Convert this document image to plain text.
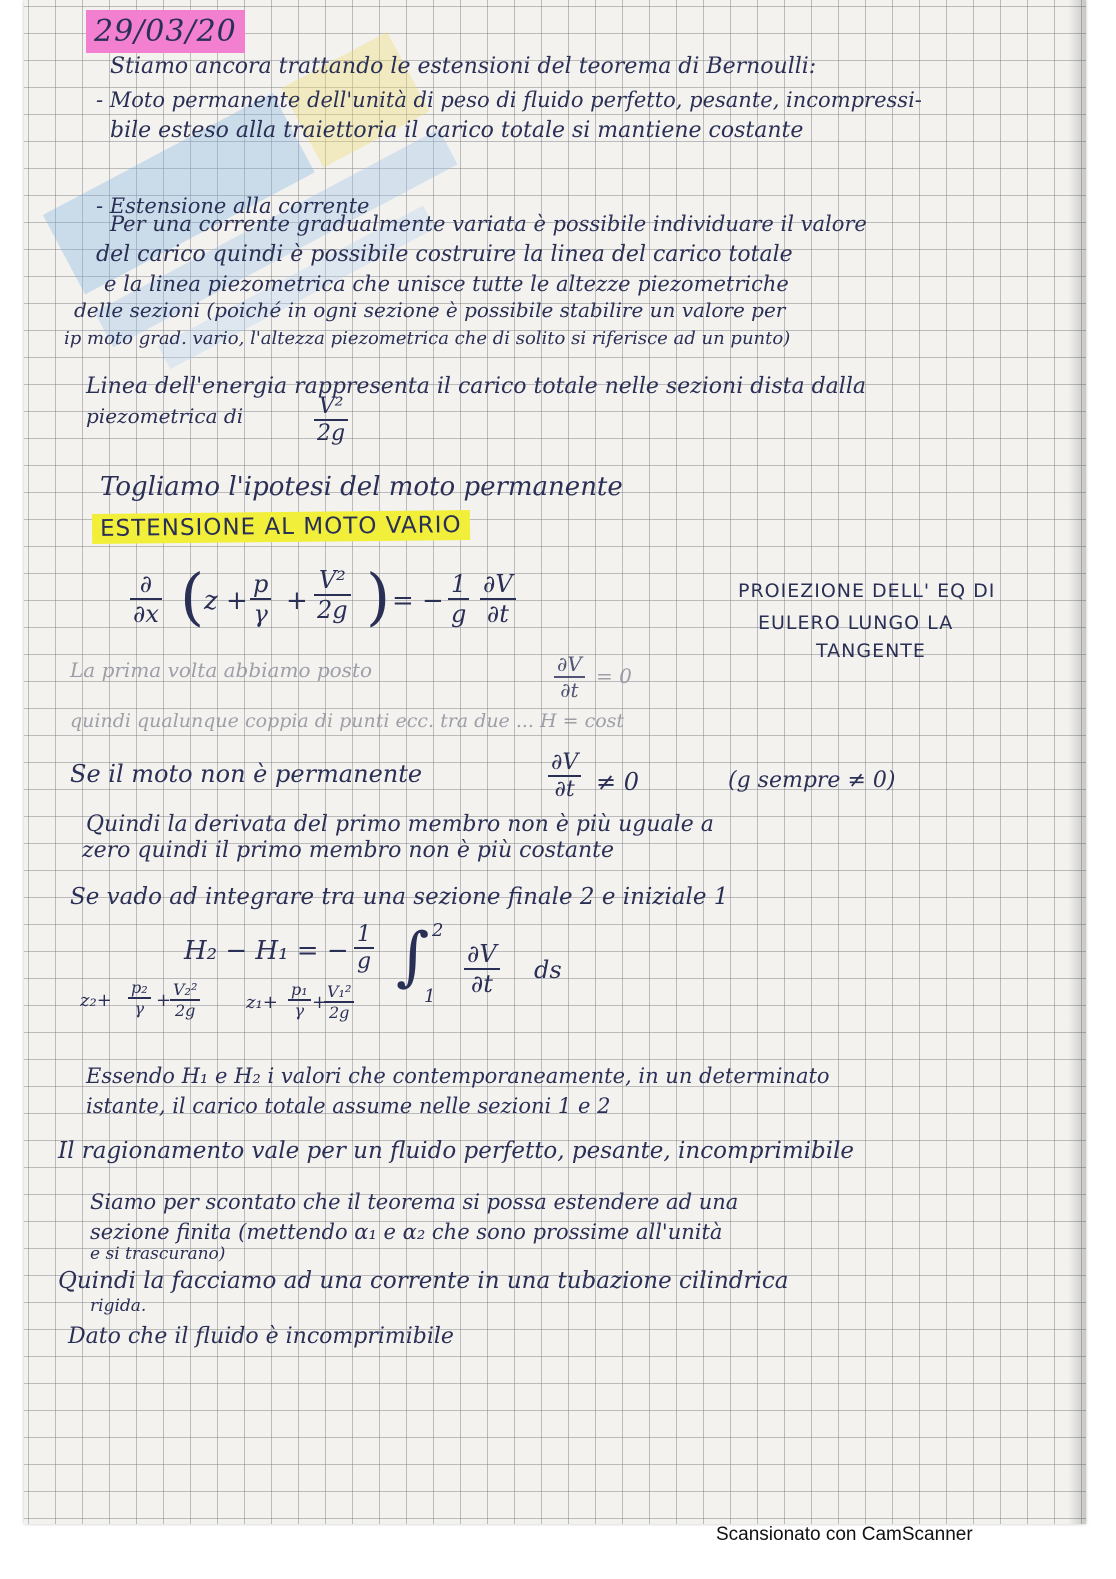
29/03/20
Stiamo ancora trattando le estensioni del teorema di Bernoulli:
- Moto permanente dell'unità di peso di fluido perfetto, pesante, incompressi-
bile esteso alla traiettoria il carico totale si mantiene costante
- Estensione alla corrente
Per una corrente gradualmente variata è possibile individuare il valore
del carico quindi è possibile costruire la linea del carico totale
e la linea piezometrica che unisce tutte le altezze piezometriche
delle sezioni (poiché in ogni sezione è possibile stabilire un valore per
ip moto grad. vario, l'altezza piezometrica che di solito si riferisce ad un punto)
Linea dell'energia rappresenta il carico totale nelle sezioni dista dalla
piezometrica di	$\frac{\text{V²}}{2g}$
Togliamo l'ipotesi del moto permanente
ESTENSIONE AL MOTO VARIO
∂
∂x ( $z + \frac{p}{\gamma} + \frac{\text{V²}}{2g}$ ) = − $\frac{1}{g} \frac{\partial V}{\partial t}$	PROIEZIONE DELL' EQ DI
EULERO LUNGO LA
TANGENTE
La prima volta abbiamo posto	$\frac{\partial V}{\partial t} = 0$
quindi qualunque coppia di punti ecc. tra due ... H = cost
Se il moto non è permanente	$\frac{\partial V}{\partial t} \ne 0$	(g sempre ≠ 0)
Quindi la derivata del primo membro non è più uguale a
zero quindi il primo membro non è più costante
Se vado ad integrare tra una sezione finale 2 e iniziale 1
H₂ − H₁ = − $\frac{1}{g}$ ∫ 2
$1 \frac{\partial V}{\partial t}$ ds
$z_2+ \frac{\text{p₂}}{\gamma}$ +
$\frac{\text{V₂²}}{2g}$	$z_1+ \frac{\text{p₁}}{\gamma}$ +
$\frac{\text{V₁²}}{2g}$
Essendo H₁ e H₂ i valori che contemporaneamente, in un determinato
istante, il carico totale assume nelle sezioni 1 e 2
Il ragionamento vale per un fluido perfetto, pesante, incomprimibile
Siamo per scontato che il teorema si possa estendere ad una
sezione finita (mettendo α₁ e α₂ che sono prossime all'unità
e si trascurano)
Quindi la facciamo ad una corrente in una tubazione cilindrica
rigida.
Dato che il fluido è incomprimibile
Scansionato con CamScanner
